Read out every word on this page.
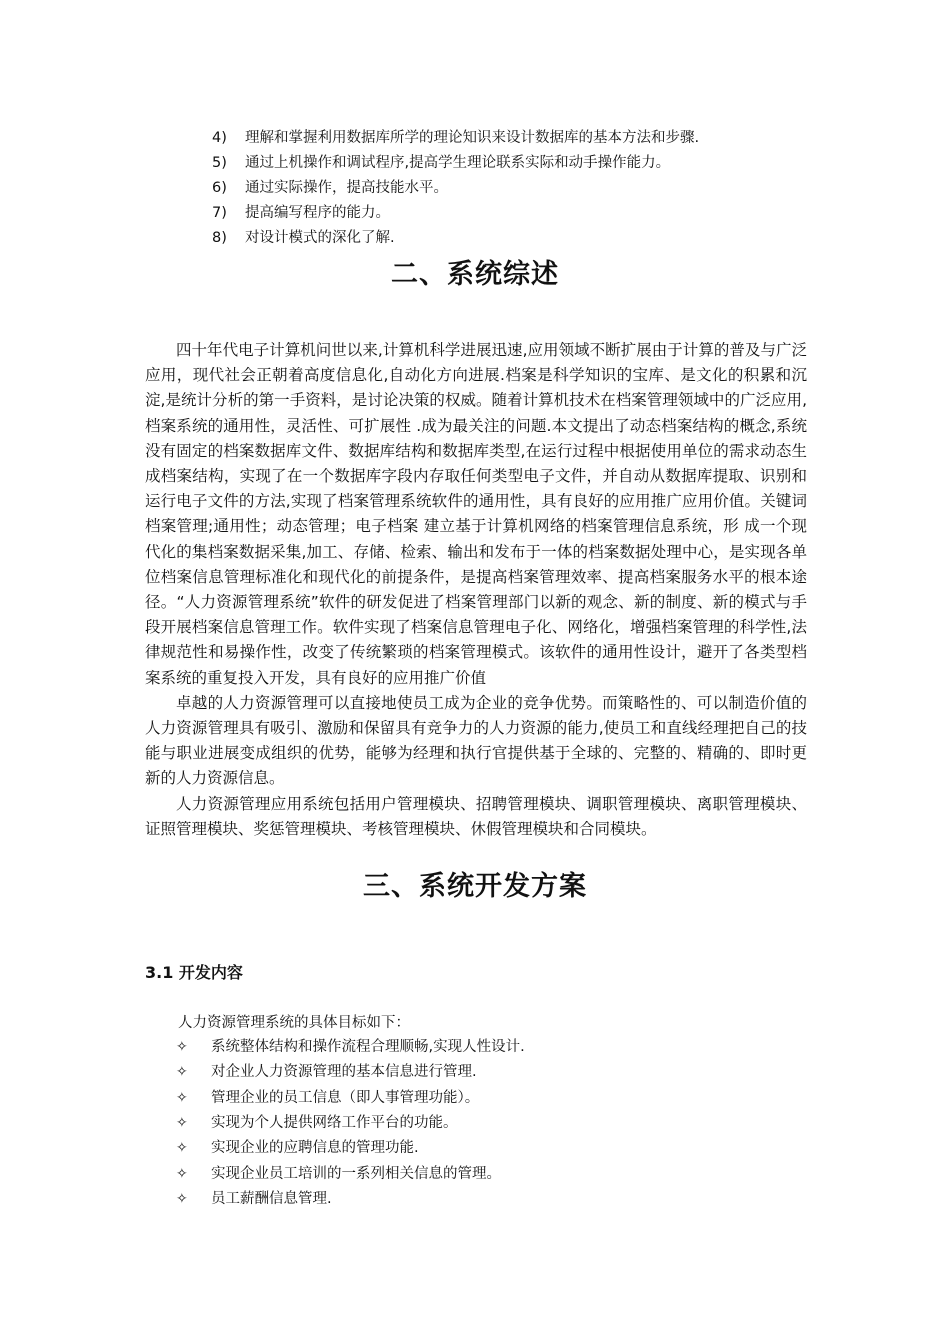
4)	理解和掌握利用数据库所学的理论知识来设计数据库的基本方法和步骤.
5)	通过上机操作和调试程序,提高学生理论联系实际和动手操作能力。
6)	通过实际操作，提高技能水平。
7)	提高编写程序的能力。
8)	对设计模式的深化了解.
二、系统综述

四十年代电子计算机问世以来,计算机科学进展迅速,应用领域不断扩展由于计算的普及与广泛应用，现代社会正朝着高度信息化,自动化方向进展.档案是科学知识的宝库、是文化的积累和沉淀,是统计分析的第一手资料，是讨论决策的权威。随着计算机技术在档案管理领域中的广泛应用,档案系统的通用性，灵活性、可扩展性 .成为最关注的问题.本文提出了动态档案结构的概念,系统没有固定的档案数据库文件、数据库结构和数据库类型,在运行过程中根据使用单位的需求动态生成档案结构，实现了在一个数据库字段内存取任何类型电子文件，并自动从数据库提取、识别和运行电子文件的方法,实现了档案管理系统软件的通用性，具有良好的应用推广应用价值。关键词档案管理;通用性；动态管理；电子档案 建立基于计算机网络的档案管理信息系统，形 成一个现代化的集档案数据采集,加工、存储、检索、输出和发布于一体的档案数据处理中心，是实现各单位档案信息管理标准化和现代化的前提条件，是提高档案管理效率、提高档案服务水平的根本途径。“人力资源管理系统”软件的研发促进了档案管理部门以新的观念、新的制度、新的模式与手段开展档案信息管理工作。软件实现了档案信息管理电子化、网络化，增强档案管理的科学性,法律规范性和易操作性，改变了传统繁琐的档案管理模式。该软件的通用性设计，避开了各类型档案系统的重复投入开发，具有良好的应用推广价值

卓越的人力资源管理可以直接地使员工成为企业的竞争优势。而策略性的、可以制造价值的人力资源管理具有吸引、激励和保留具有竞争力的人力资源的能力,使员工和直线经理把自己的技能与职业进展变成组织的优势，能够为经理和执行官提供基于全球的、完整的、精确的、即时更新的人力资源信息。

人力资源管理应用系统包括用户管理模块、招聘管理模块、调职管理模块、离职管理模块、证照管理模块、奖惩管理模块、考核管理模块、休假管理模块和合同模块。

三、系统开发方案
3.1 开发内容
人力资源管理系统的具体目标如下：
✧	系统整体结构和操作流程合理顺畅,实现人性设计.
✧	对企业人力资源管理的基本信息进行管理.
✧	管理企业的员工信息（即人事管理功能）。
✧	实现为个人提供网络工作平台的功能。
✧	实现企业的应聘信息的管理功能.
✧	实现企业员工培训的一系列相关信息的管理。
✧	员工薪酬信息管理.
